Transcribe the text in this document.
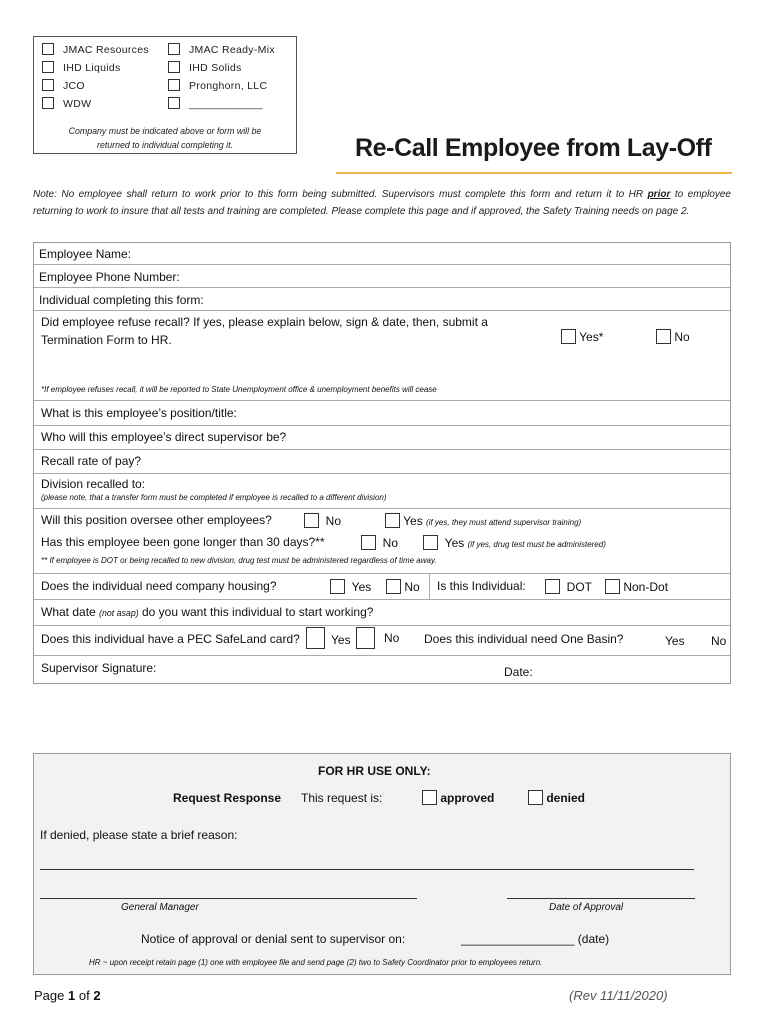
JMAC Resources	JMAC Ready-Mix
IHD Liquids	IHD Solids
JCO	Pronghorn, LLC
WDW	____________
Company must be indicated above or form will be
returned to individual completing it.	Re-Call Employee from Lay-Off
Note: No employee shall return to work prior to this form being submitted. Supervisors must complete this form and return it to HR prior to employee returning to work to insure that all tests and training are completed. Please complete this page and if approved, the Safety Training needs on page 2.
Employee Name:
Employee Phone Number:
Individual completing this form:
Did employee refuse recall? If yes, please explain below, sign & date, then, submit a
Termination Form to HR.	Yes*	No
*If employee refuses recall, it will be reported to State Unemployment office & unemployment benefits will cease
What is this employee’s position/title:
Who will this employee’s direct supervisor be?
Recall rate of pay?
Division recalled to:
(please note, that a transfer form must be completed if employee is recalled to a different division)
Will this position oversee other employees?	No	Yes (if yes, they must attend supervisor training)
Has this employee been gone longer than 30 days?**	No	Yes (if yes, drug test must be administered)
** If employee is DOT or being recalled to new division, drug test must be administered regardless of time away.
Does the individual need company housing?	Yes	No Is this Individual:	DOT	Non-Dot
What date (not asap) do you want this individual to start working?
Does this individual have a PEC SafeLand card?	Yes	No Does this individual need One Basin?	Yes No
Supervisor Signature:	Date:
FOR HR USE ONLY:
Request Response This request is:	approved	denied
If denied, please state a brief reason:
General Manager	Date of Approval
Notice of approval or denial sent to supervisor on:	_________________ (date)
HR ~ upon receipt retain page (1) one with employee file and send page (2) two to Safety Coordinator prior to employees return.
Page 1 of 2	(Rev 11/11/2020)
